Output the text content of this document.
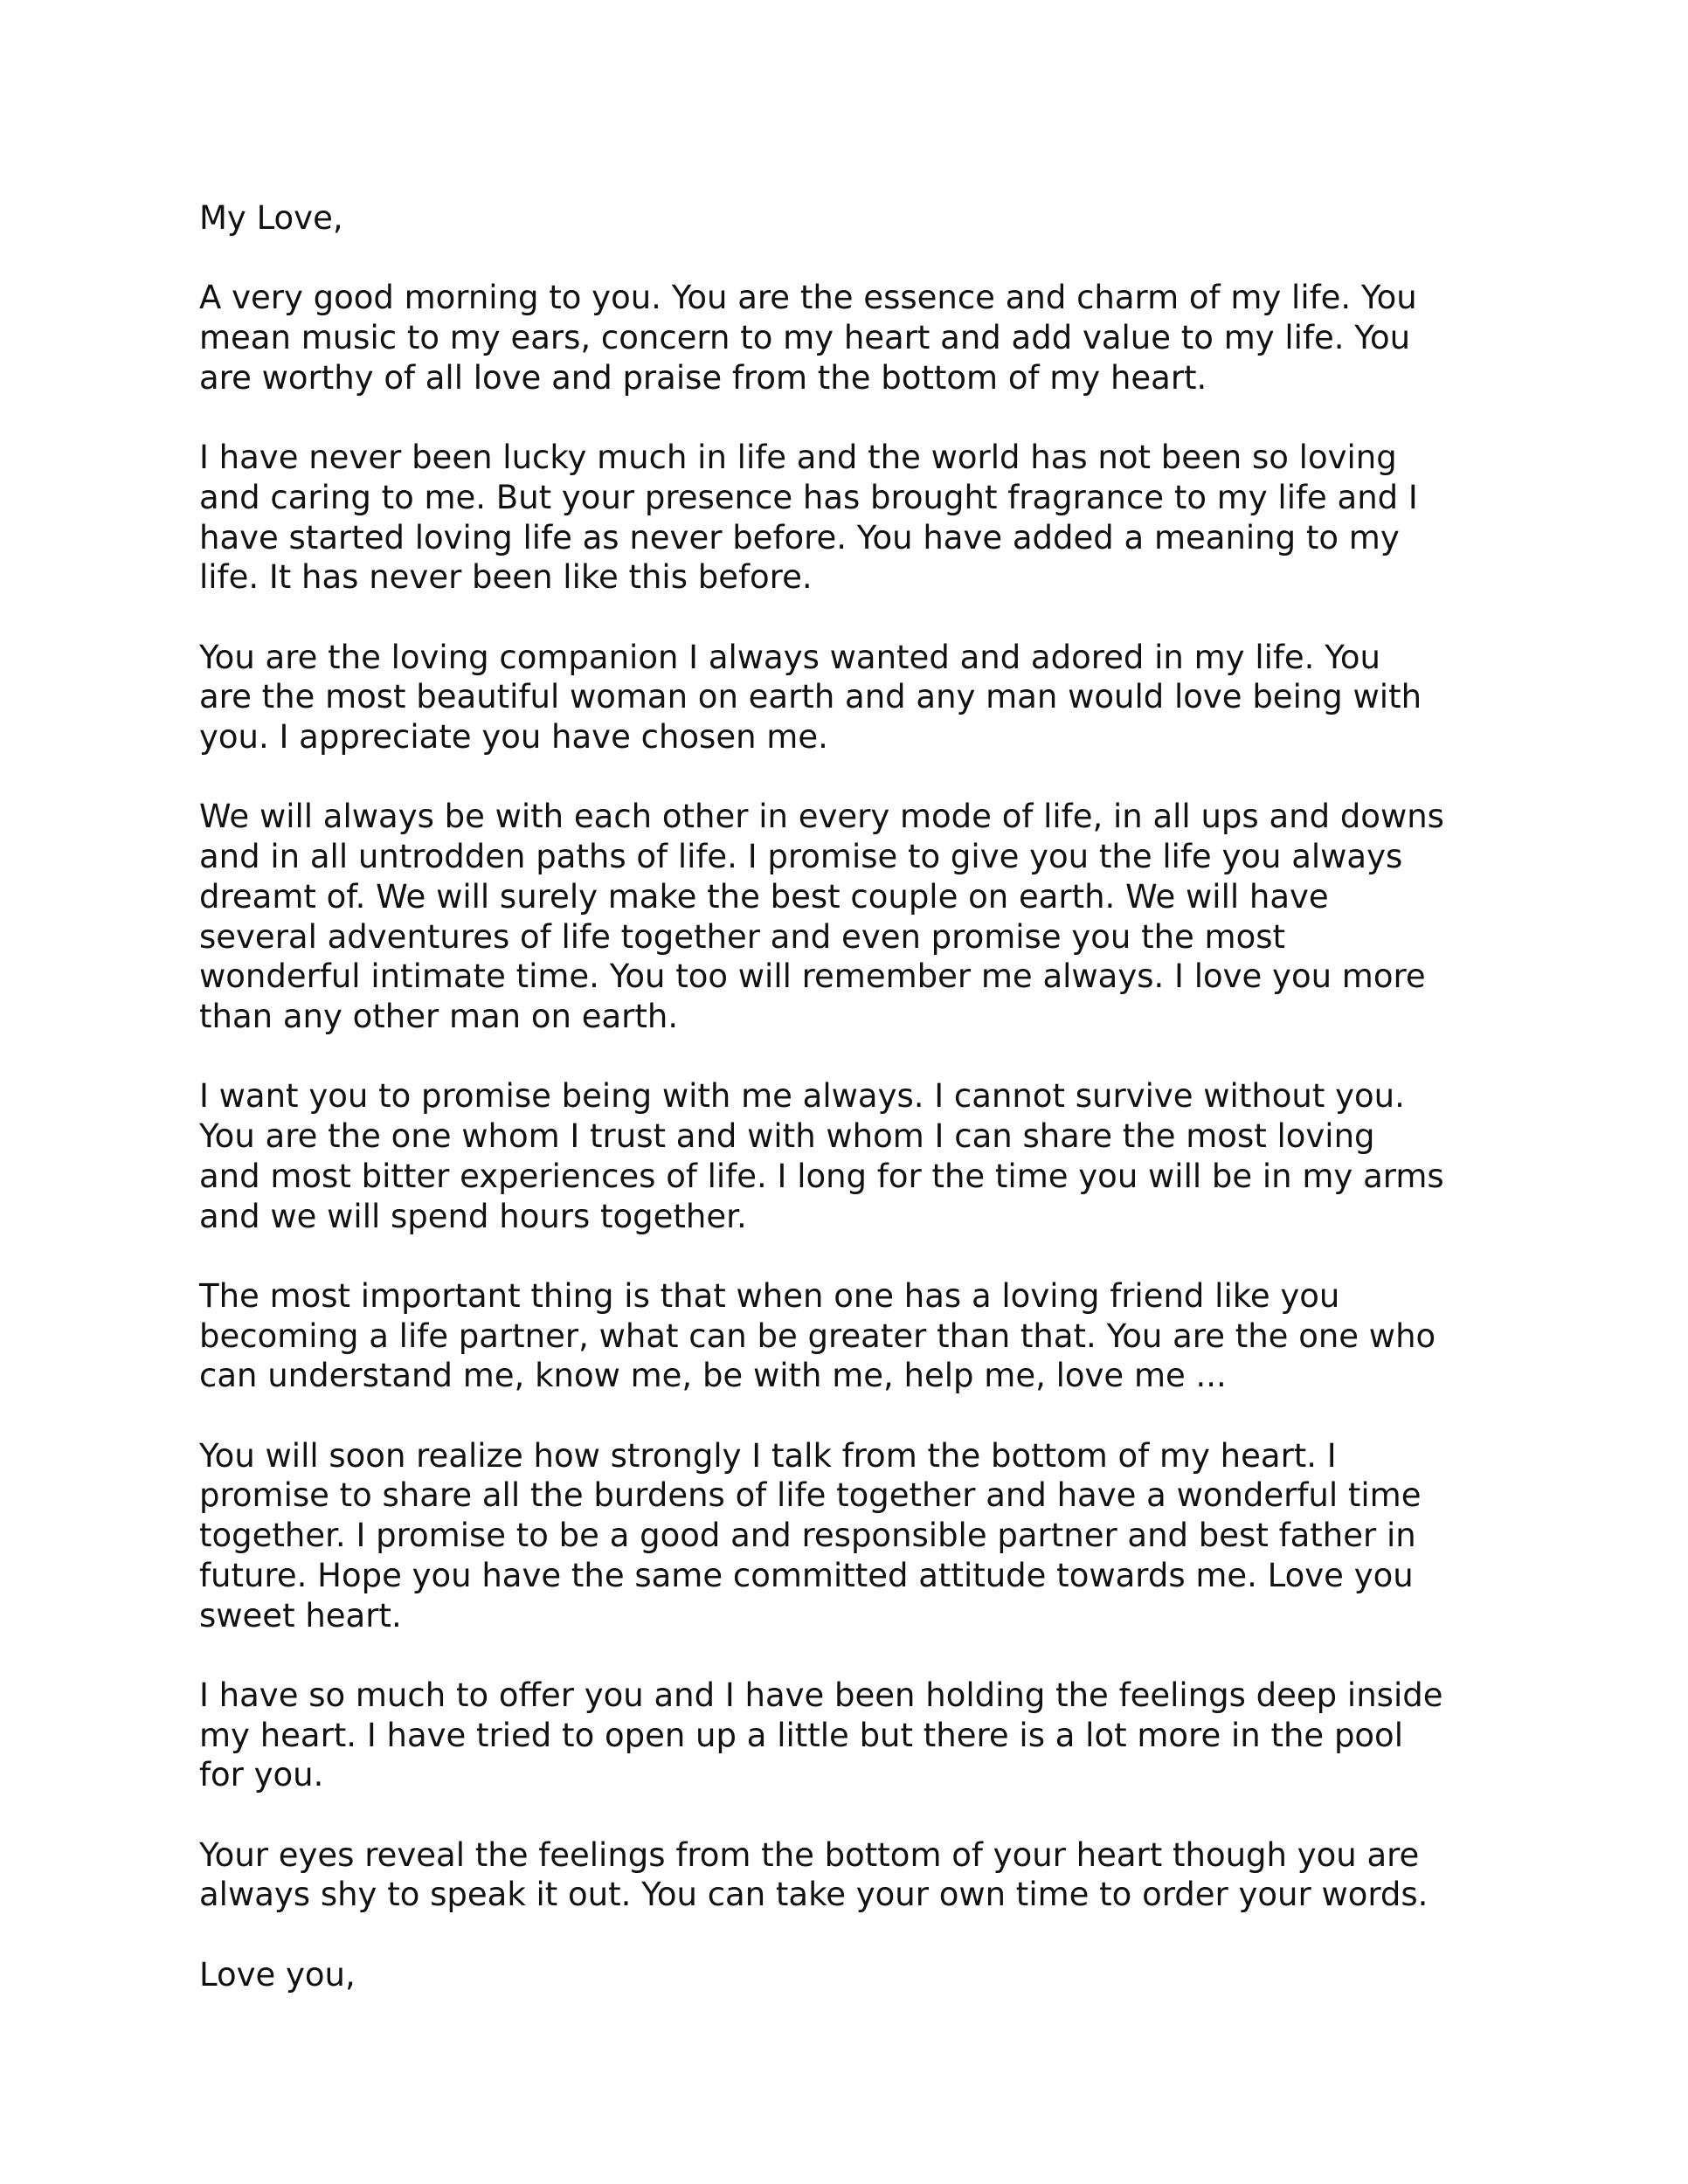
My Love,

A very good morning to you. You are the essence and charm of my life. You
mean music to my ears, concern to my heart and add value to my life. You
are worthy of all love and praise from the bottom of my heart.
I have never been lucky much in life and the world has not been so loving
and caring to me. But your presence has brought fragrance to my life and I
have started loving life as never before. You have added a meaning to my
life. It has never been like this before.
You are the loving companion I always wanted and adored in my life. You
are the most beautiful woman on earth and any man would love being with
you. I appreciate you have chosen me.
We will always be with each other in every mode of life, in all ups and downs
and in all untrodden paths of life. I promise to give you the life you always
dreamt of. We will surely make the best couple on earth. We will have
several adventures of life together and even promise you the most
wonderful intimate time. You too will remember me always. I love you more
than any other man on earth.
I want you to promise being with me always. I cannot survive without you.
You are the one whom I trust and with whom I can share the most loving
and most bitter experiences of life. I long for the time you will be in my arms
and we will spend hours together.
The most important thing is that when one has a loving friend like you
becoming a life partner, what can be greater than that. You are the one who
can understand me, know me, be with me, help me, love me ...
You will soon realize how strongly I talk from the bottom of my heart. I
promise to share all the burdens of life together and have a wonderful time
together. I promise to be a good and responsible partner and best father in
future. Hope you have the same committed attitude towards me. Love you
sweet heart.
I have so much to offer you and I have been holding the feelings deep inside
my heart. I have tried to open up a little but there is a lot more in the pool
for you.
Your eyes reveal the feelings from the bottom of your heart though you are
always shy to speak it out. You can take your own time to order your words.

Love you,
